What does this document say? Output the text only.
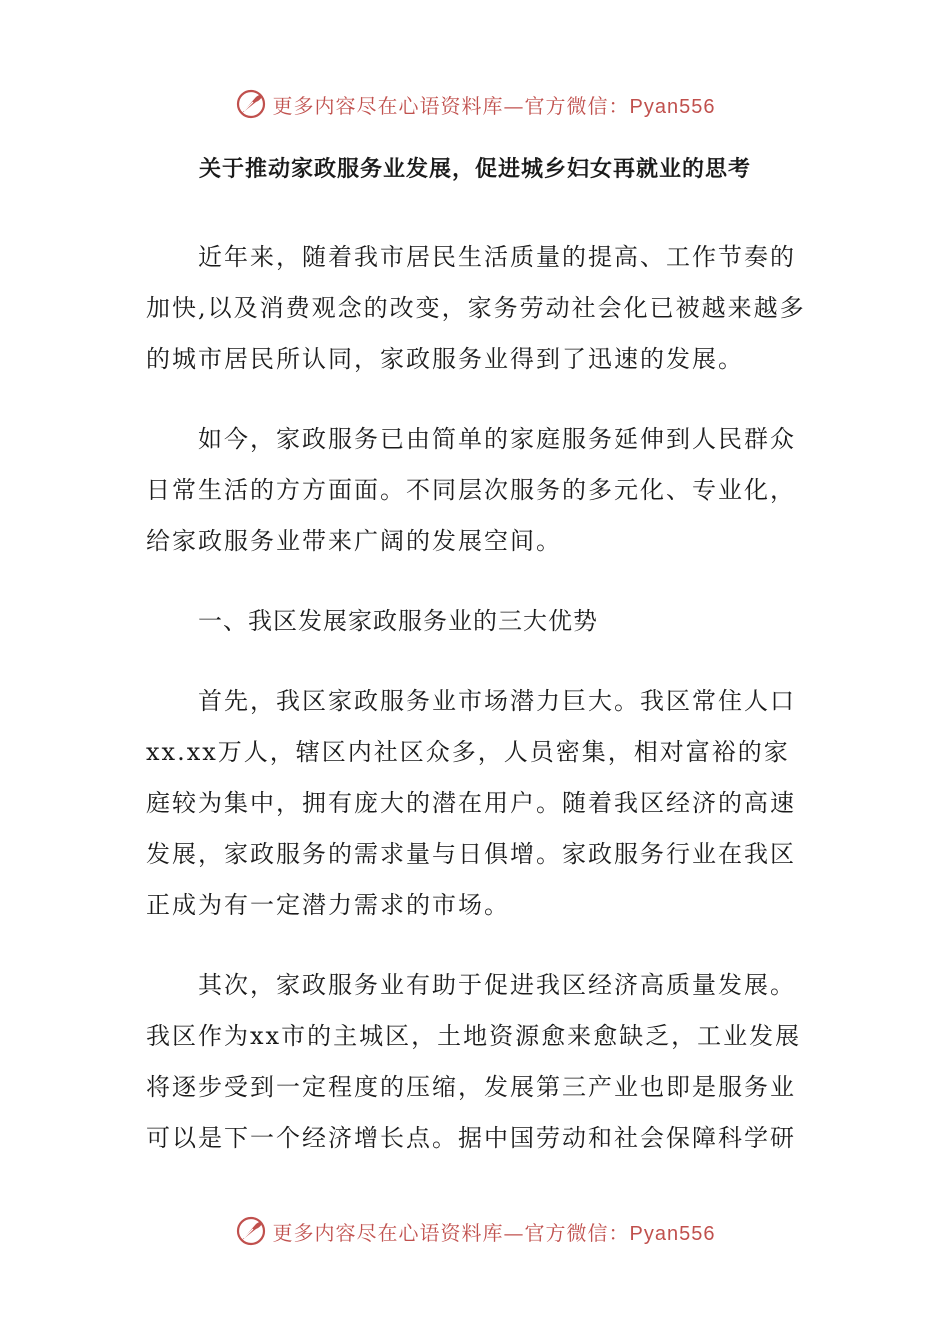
更多内容尽在心语资料库—官方微信：Pyan556
关于推动家政服务业发展，促进城乡妇女再就业的思考

近年来，随着我市居民生活质量的提高、工作节奏的加快,以及消费观念的改变，家务劳动社会化已被越来越多的城市居民所认同，家政服务业得到了迅速的发展。

如今，家政服务已由简单的家庭服务延伸到人民群众日常生活的方方面面。不同层次服务的多元化、专业化，给家政服务业带来广阔的发展空间。

一、我区发展家政服务业的三大优势

首先，我区家政服务业市场潜力巨大。我区常住人口xx.xx万人，辖区内社区众多，人员密集，相对富裕的家庭较为集中，拥有庞大的潜在用户。随着我区经济的高速发展，家政服务的需求量与日俱增。家政服务行业在我区正成为有一定潜力需求的市场。

其次，家政服务业有助于促进我区经济高质量发展。我区作为xx市的主城区，土地资源愈来愈缺乏，工业发展将逐步受到一定程度的压缩，发展第三产业也即是服务业可以是下一个经济增长点。据中国劳动和社会保障科学研

更多内容尽在心语资料库—官方微信：Pyan556
